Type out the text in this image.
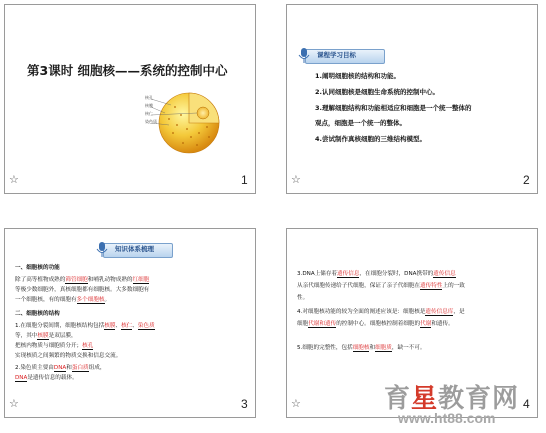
第3课时 细胞核——系统的控制中心
核孔
核膜
核仁
染色质
☆	1
课程学习目标
1.阐明细胞核的结构和功能。
2.认同细胞核是细胞生命系统的控制中心。
3.理解细胞结构和功能相适应和细胞是一个统一整体的
观点，细胞是一个统一的整体。
4.尝试制作真核细胞的三维结构模型。
☆	2
知识体系梳理
一、细胞核的功能
除了高等植物成熟的筛管细胞和哺乳动物成熟的红细胞
等极少数细胞外，真核细胞都有细胞核。大多数细胞有
一个细胞核，有的细胞有多个细胞核。
二、细胞核的结构
1.在细胞分裂间期，细胞核结构包括核膜、核仁、染色质
等，其中核膜是双层膜，
把核内物质与细胞质分开；核孔
实现核质之间频繁的物质交换和信息交流。
2.染色质主要由DNA和蛋白质组成，
DNA是遗传信息的载体。
☆	3
3.DNA上储存着遗传信息，在细胞分裂时，DNA携带的遗传信息
从亲代细胞传递给子代细胞，保证了亲子代细胞在遗传特性上的一致
性。
4.对细胞核功能的较为全面的阐述应该是：细胞核是遗传信息库，是
细胞代谢和遗传的控制中心。细胞核控制着细胞的代谢和遗传。
5.细胞的完整性，包括细胞核和细胞质，缺一不可。
☆	4
育星教育网
www.ht88.com
